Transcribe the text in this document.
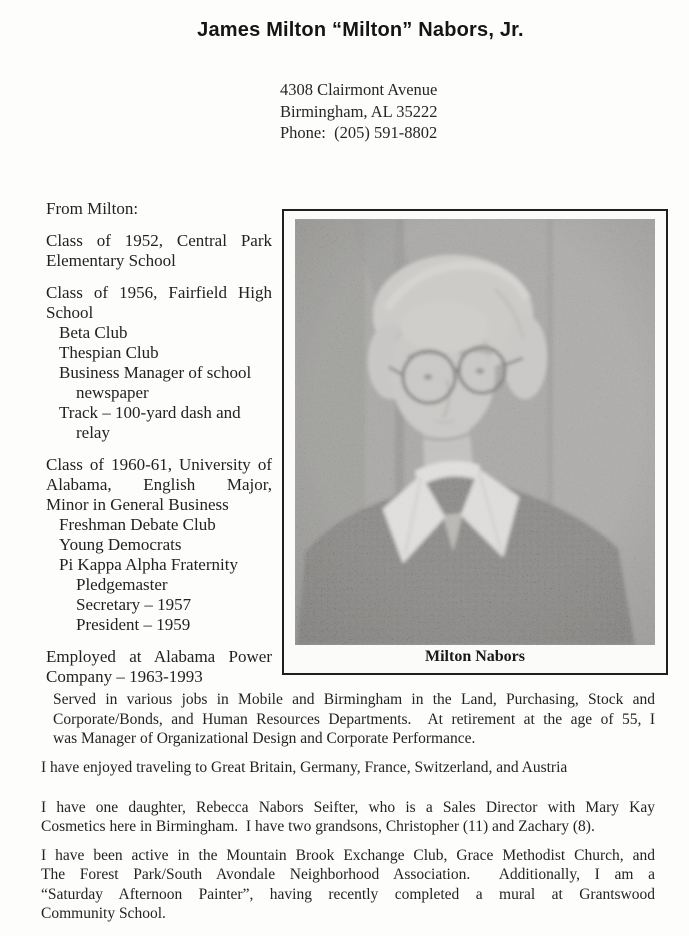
James Milton “Milton” Nabors, Jr.
4308 Clairmont Avenue
Birmingham, AL 35222
Phone:  (205) 591-8802
From Milton:
Class of 1952, Central Park
Elementary School
Class of 1956, Fairfield High
School
Beta Club
Thespian Club
Business Manager of school
newspaper
Track – 100-yard dash and
relay
Class of 1960-61, University of
Alabama, English Major,
Minor in General Business
Freshman Debate Club
Young Democrats
Pi Kappa Alpha Fraternity
Pledgemaster
Secretary – 1957
President – 1959
Employed at Alabama Power
Company – 1963-1993
Milton Nabors
Served in various jobs in Mobile and Birmingham in the Land, Purchasing, Stock and
Corporate/Bonds, and Human Resources Departments.  At retirement at the age of 55, I
was Manager of Organizational Design and Corporate Performance.
I have enjoyed traveling to Great Britain, Germany, France, Switzerland, and Austria
I have one daughter, Rebecca Nabors Seifter, who is a Sales Director with Mary Kay
Cosmetics here in Birmingham.  I have two grandsons, Christopher (11) and Zachary (8).
I have been active in the Mountain Brook Exchange Club, Grace Methodist Church, and
The Forest Park/South Avondale Neighborhood Association.  Additionally, I am a
“Saturday Afternoon Painter”, having recently completed a mural at Grantswood
Community School.
